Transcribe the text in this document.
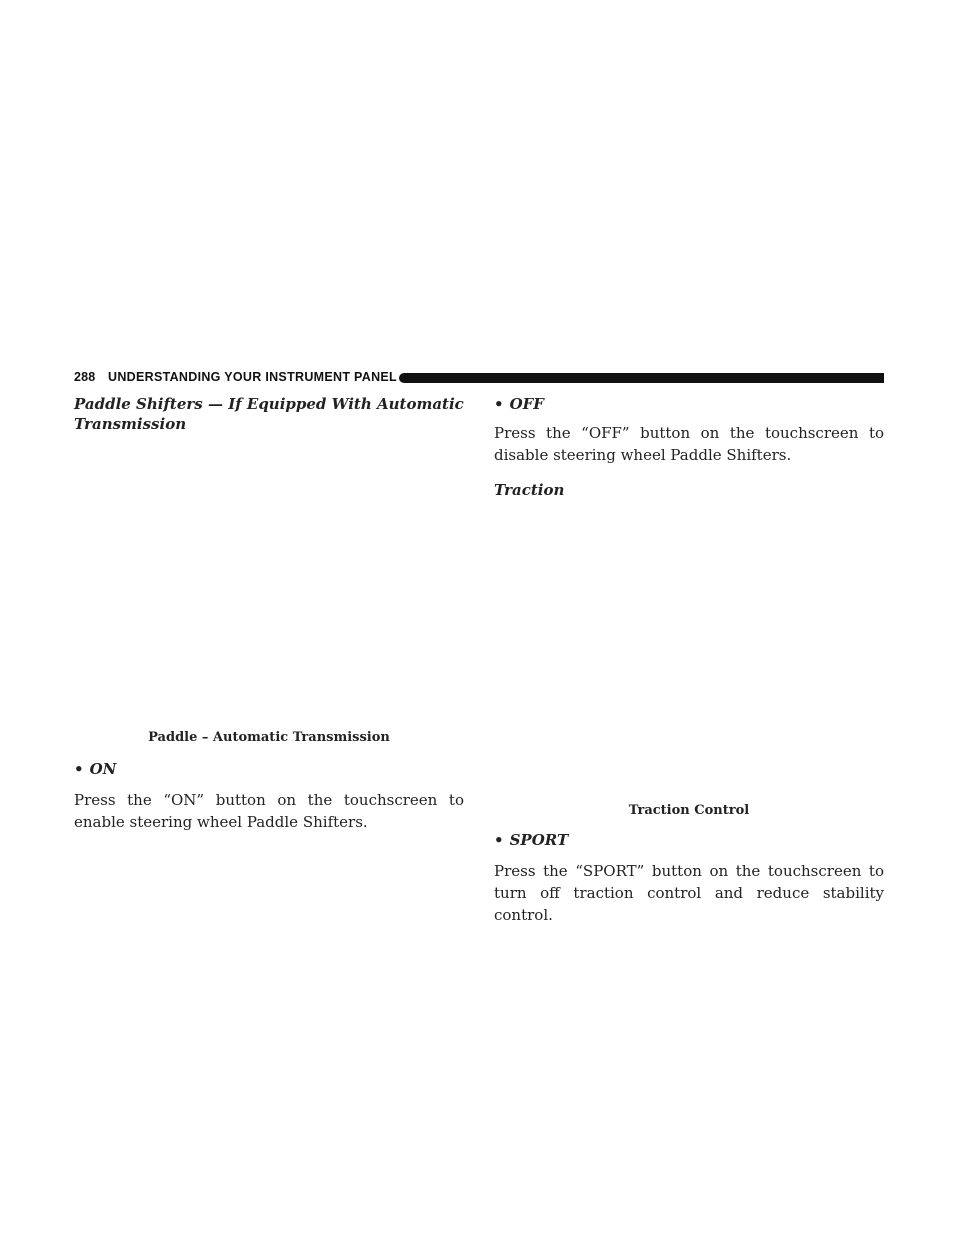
288 UNDERSTANDING YOUR INSTRUMENT PANEL

Paddle Shifters — If Equipped With Automatic Transmission

Paddle – Automatic Transmission

• ON

Press the “ON” button on the touchscreen to enable steering wheel Paddle Shifters.

• OFF

Press the “OFF” button on the touchscreen to disable steering wheel Paddle Shifters.

Traction

Traction Control

• SPORT

Press the “SPORT” button on the touchscreen to turn off traction control and reduce stability control.
